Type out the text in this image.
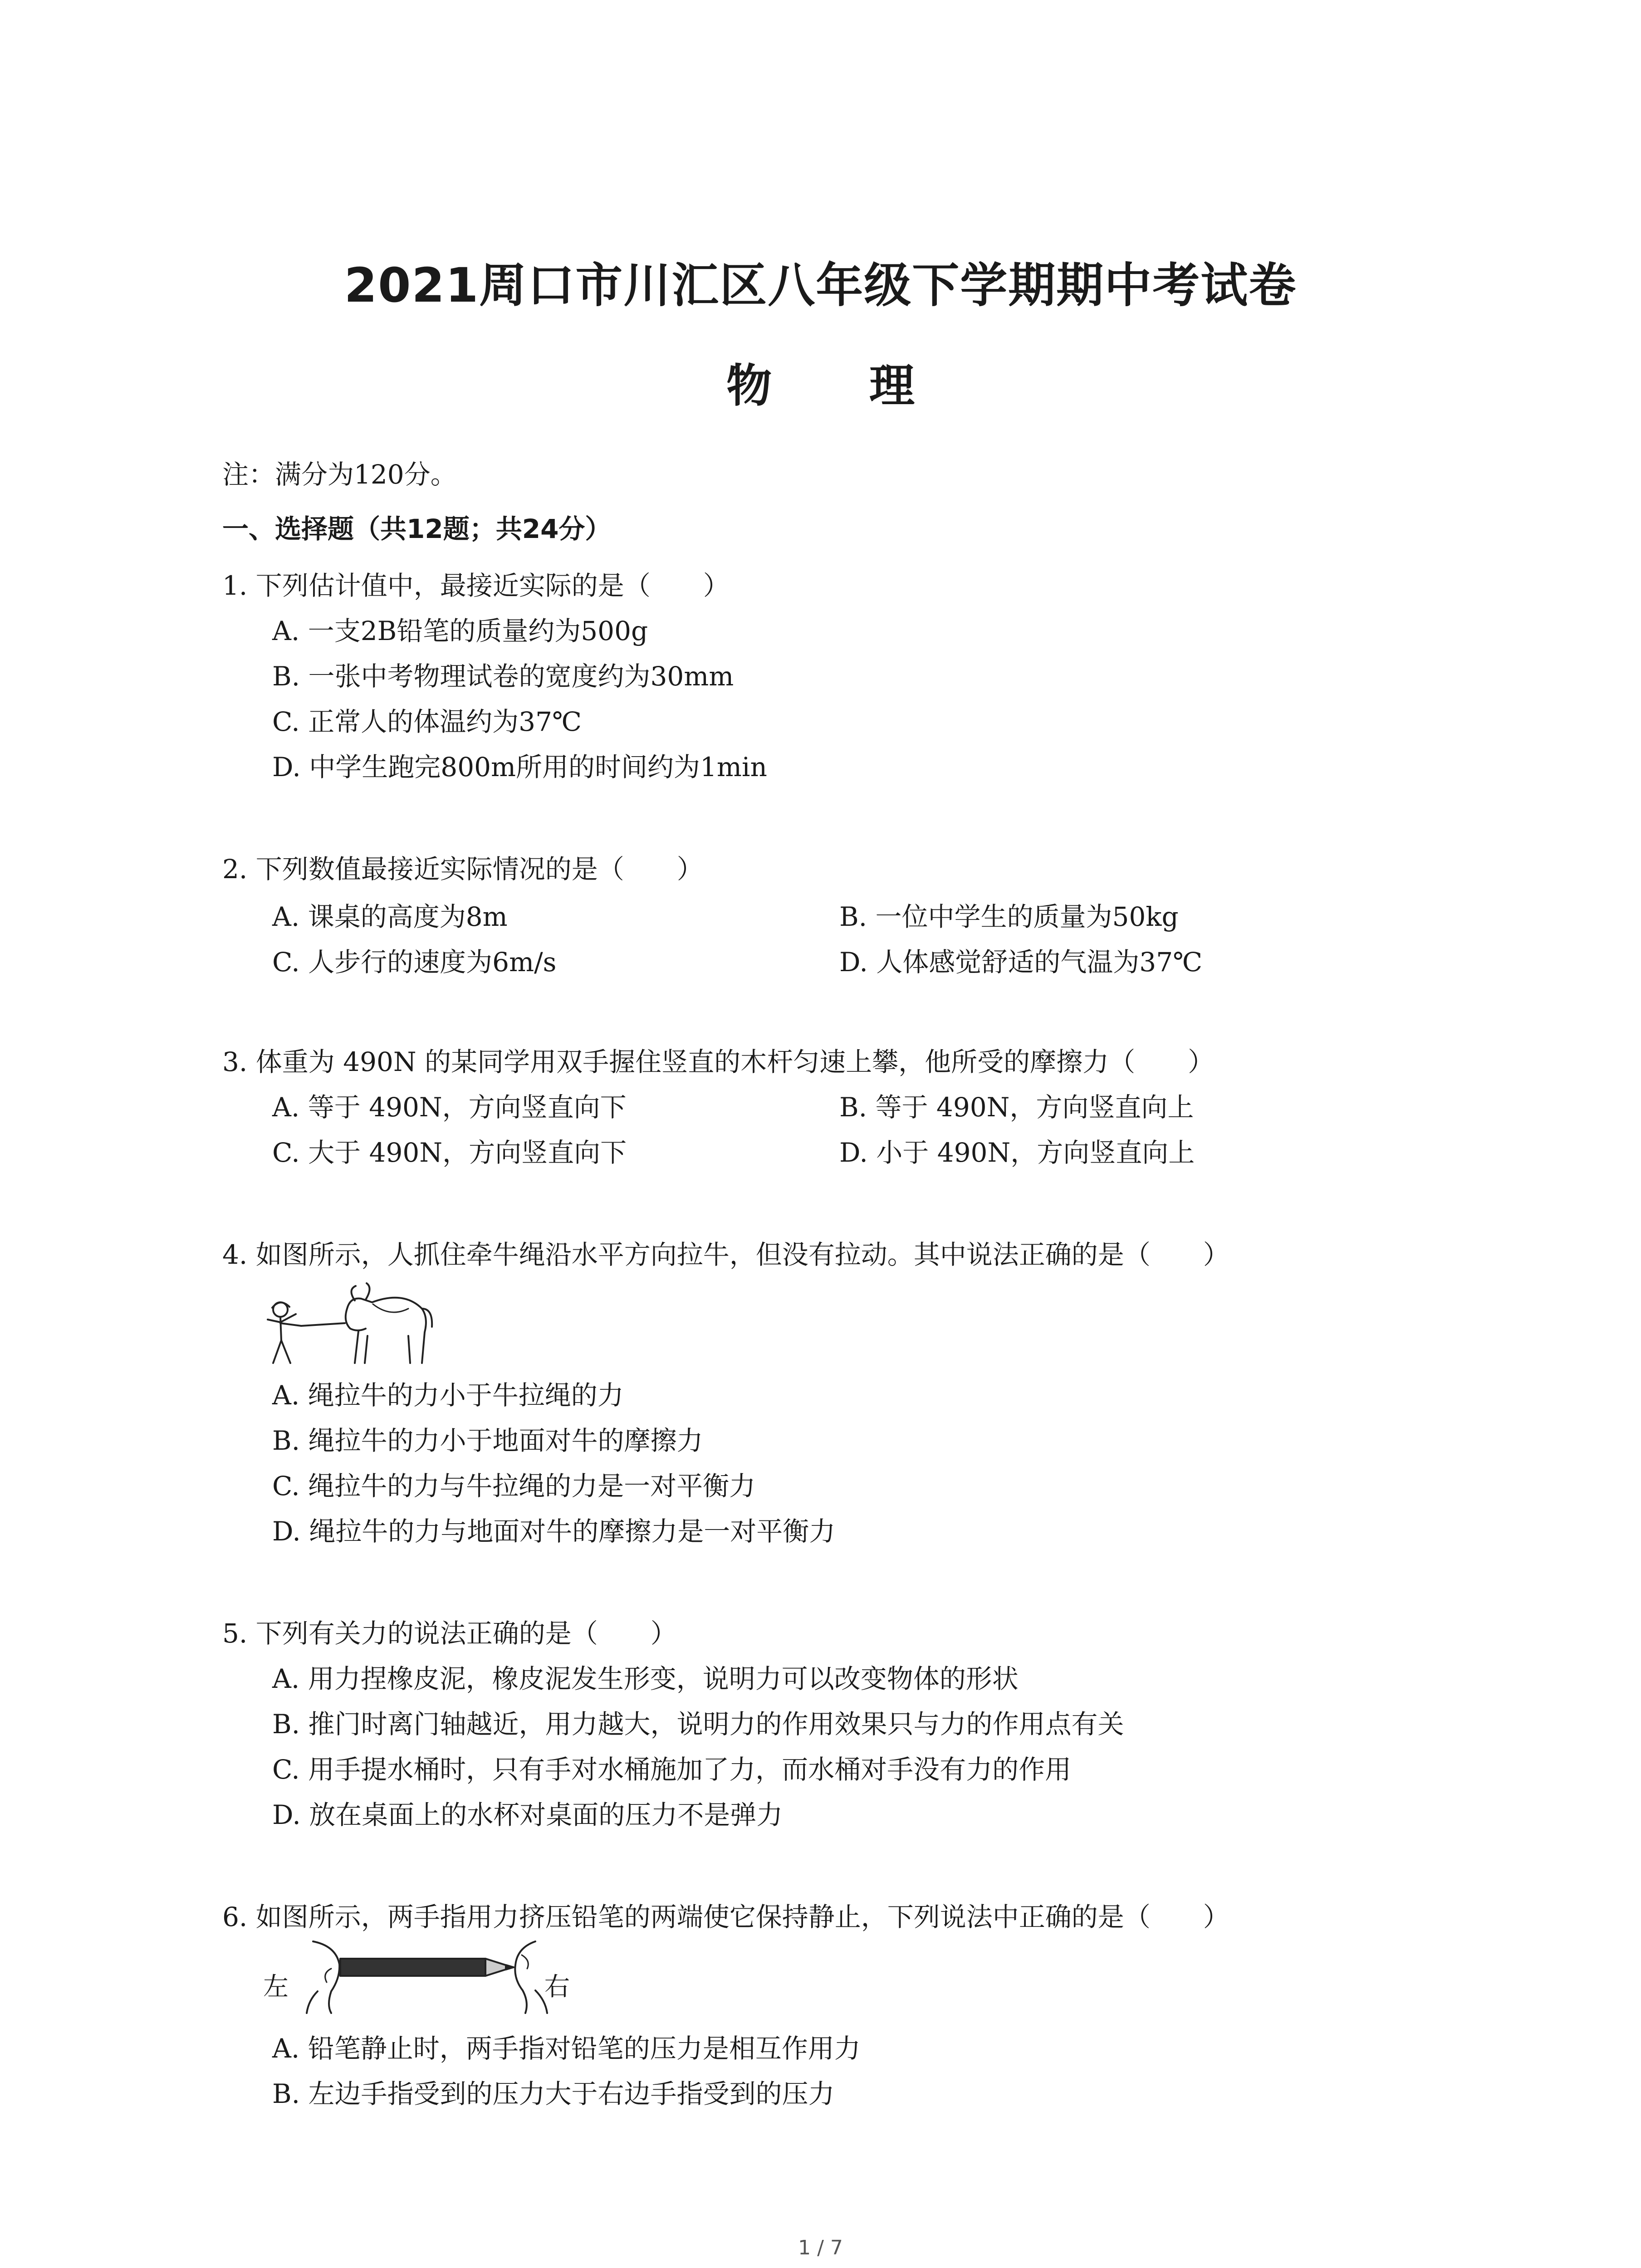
2021周口市川汇区八年级下学期期中考试卷
物 理
注：满分为120分。
一、选择题（共12题；共24分）
1. 下列估计值中，最接近实际的是（　　）
A. 一支2B铅笔的质量约为500g
B. 一张中考物理试卷的宽度约为30mm
C. 正常人的体温约为37℃
D. 中学生跑完800m所用的时间约为1min
2. 下列数值最接近实际情况的是（　　）
A. 课桌的高度为8m	B. 一位中学生的质量为50kg
C. 人步行的速度为6m/s	D. 人体感觉舒适的气温为37℃
3. 体重为 490N 的某同学用双手握住竖直的木杆匀速上攀，他所受的摩擦力（　　）
A. 等于 490N，方向竖直向下	B. 等于 490N，方向竖直向上
C. 大于 490N，方向竖直向下	D. 小于 490N，方向竖直向上
4. 如图所示，人抓住牵牛绳沿水平方向拉牛，但没有拉动。其中说法正确的是（　　）
A. 绳拉牛的力小于牛拉绳的力
B. 绳拉牛的力小于地面对牛的摩擦力
C. 绳拉牛的力与牛拉绳的力是一对平衡力
D. 绳拉牛的力与地面对牛的摩擦力是一对平衡力
5. 下列有关力的说法正确的是（　　）
A. 用力捏橡皮泥，橡皮泥发生形变，说明力可以改变物体的形状
B. 推门时离门轴越近，用力越大，说明力的作用效果只与力的作用点有关
C. 用手提水桶时，只有手对水桶施加了力，而水桶对手没有力的作用
D. 放在桌面上的水杯对桌面的压力不是弹力
6. 如图所示，两手指用力挤压铅笔的两端使它保持静止，下列说法中正确的是（　　）
左	右
A. 铅笔静止时，两手指对铅笔的压力是相互作用力
B. 左边手指受到的压力大于右边手指受到的压力
1 / 7
